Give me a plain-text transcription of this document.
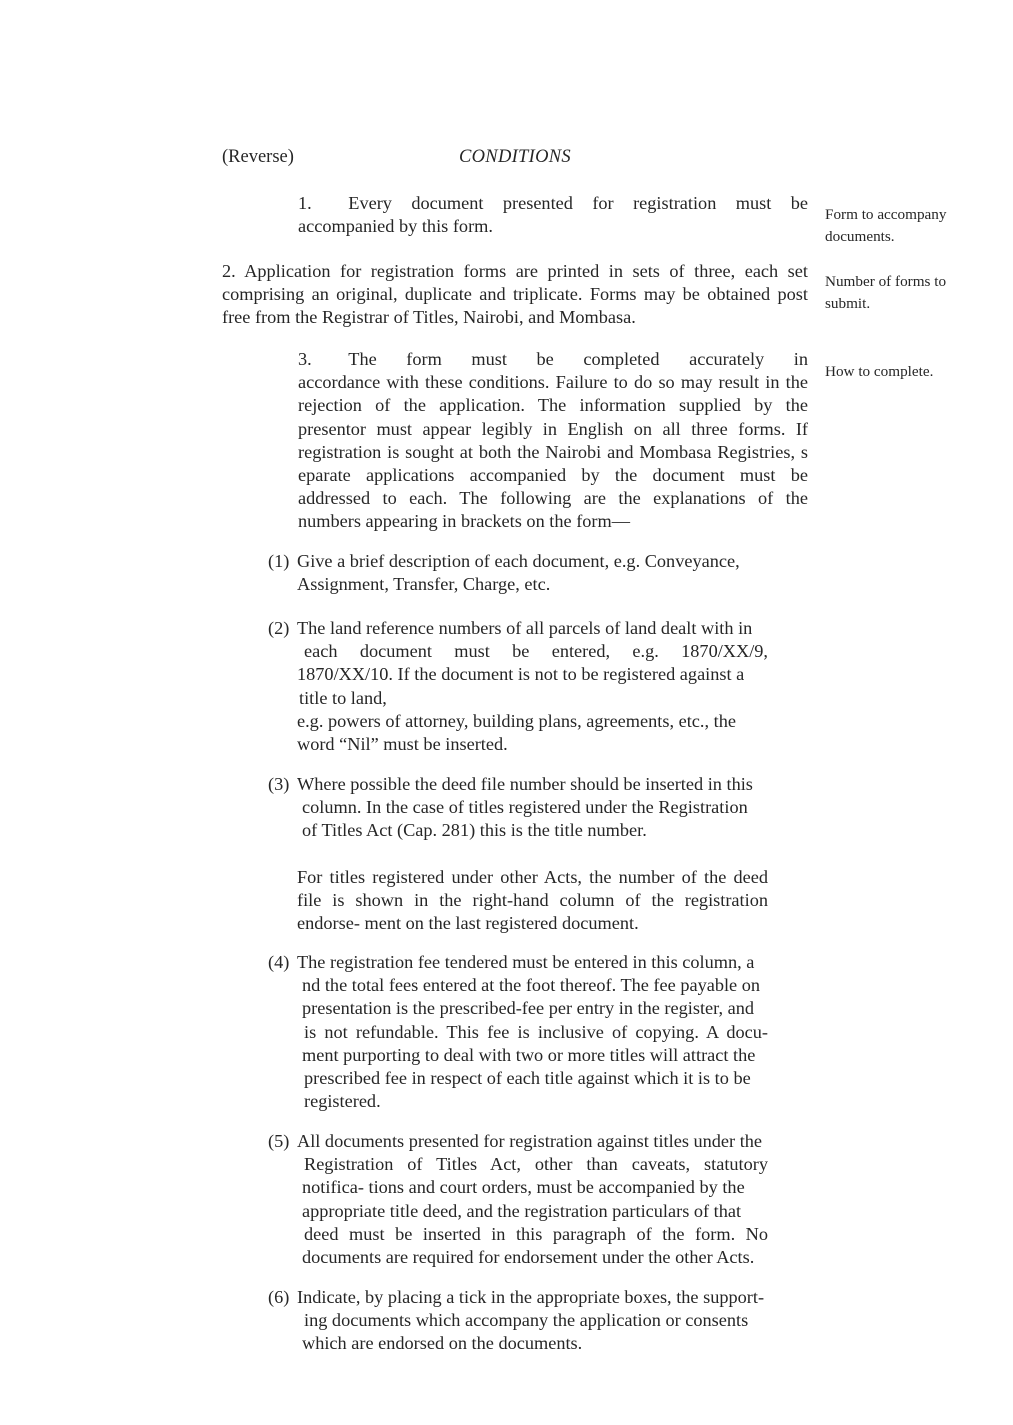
(Reverse)	CONDITIONS
1.  Every document presented for registration must be
accompanied by this form.
2. Application for registration forms are printed in sets of three, each set
comprising an original, duplicate and triplicate. Forms may be obtained post
free from the Registrar of Titles, Nairobi, and Mombasa.
3.  The form must be completed accurately in
accordance with these conditions. Failure to do so may result in the
rejection of the application. The information supplied by the
presentor must appear legibly in English on all three forms. If
registration is sought at both the Nairobi and Mombasa Registries, s
eparate applications accompanied by the document must be
addressed to each. The following are the explanations of the
numbers appearing in brackets on the form—
(1) Give a brief description of each document, e.g. Conveyance,
Assignment, Transfer, Charge, etc.
(2) The land reference numbers of all parcels of land dealt with in
each document must be entered, e.g. 1870/XX/9,
1870/XX/10. If the document is not to be registered against a
title to land,
e.g. powers of attorney, building plans, agreements, etc., the
word “Nil” must be inserted.
(3) Where possible the deed file number should be inserted in this
column. In the case of titles registered under the Registration
of Titles Act (Cap. 281) this is the title number.
For titles registered under other Acts, the number of the deed
file is shown in the right-hand column of the registration
endorse- ment on the last registered document.
(4) The registration fee tendered must be entered in this column, a
nd the total fees entered at the foot thereof. The fee payable on
presentation is the prescribed-fee per entry in the register, and
is not refundable. This fee is inclusive of copying. A docu-
ment purporting to deal with two or more titles will attract the
prescribed fee in respect of each title against which it is to be
registered.
(5) All documents presented for registration against titles under the
Registration of Titles Act, other than caveats, statutory
notifica- tions and court orders, must be accompanied by the
appropriate title deed, and the registration particulars of that
deed must be inserted in this paragraph of the form. No
documents are required for endorsement under the other Acts.
(6) Indicate, by placing a tick in the appropriate boxes, the support-
ing documents which accompany the application or consents
which are endorsed on the documents.
Form to accompany
documents.
Number of forms to
submit.
How to complete.
